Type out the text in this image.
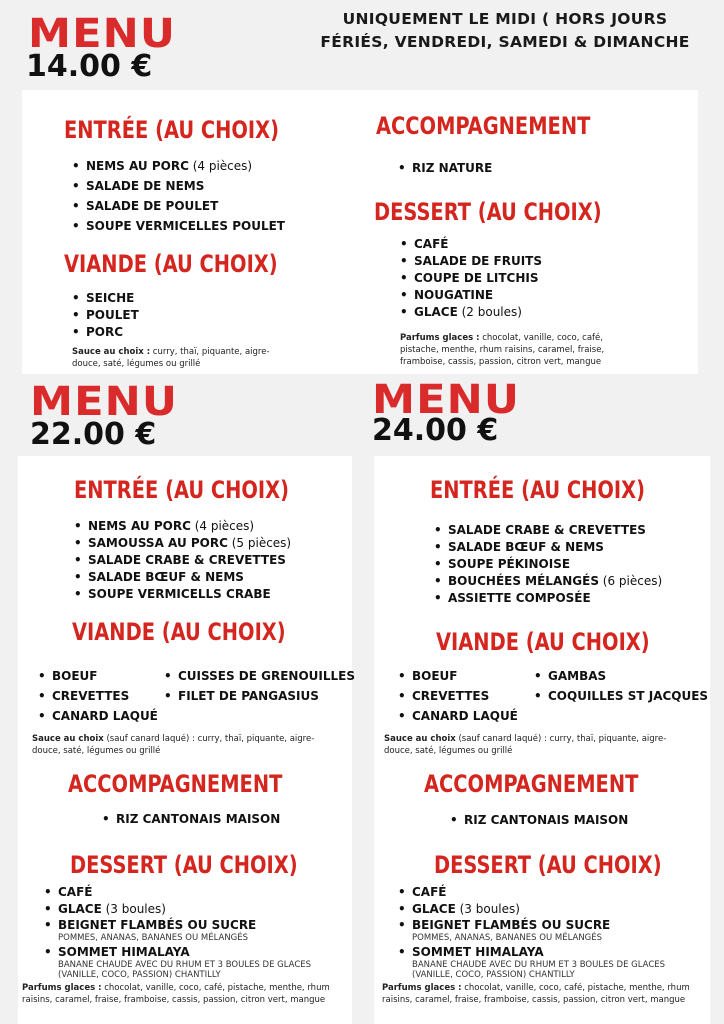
MENU
14.00 €
UNIQUEMENT LE MIDI ( HORS JOURS FÉRIÉS, VENDREDI, SAMEDI & DIMANCHE
ENTRÉE (AU CHOIX)
• NEMS AU PORC (4 pièces)
• SALADE DE NEMS
• SALADE DE POULET
• SOUPE VERMICELLES POULET
VIANDE (AU CHOIX)
• SEICHE
• POULET
• PORC
Sauce au choix : curry, thaï, piquante, aigre-douce, saté, légumes ou grillé
ACCOMPAGNEMENT
• RIZ NATURE
DESSERT (AU CHOIX)
• CAFÉ
• SALADE DE FRUITS
• COUPE DE LITCHIS
• NOUGATINE
• GLACE (2 boules)
Parfums glaces : chocolat, vanille, coco, café, pistache, menthe, rhum raisins, caramel, fraise, framboise, cassis, passion, citron vert, mangue
MENU
22.00 €
MENU
24.00 €
ENTRÉE (AU CHOIX)
• NEMS AU PORC (4 pièces)
• SAMOUSSA AU PORC (5 pièces)
• SALADE CRABE & CREVETTES
• SALADE BŒUF & NEMS
• SOUPE VERMICELLS CRABE
VIANDE (AU CHOIX)
• BOEUF
• CREVETTES
• CANARD LAQUÉ
• CUISSES DE GRENOUILLES
• FILET DE PANGASIUS
Sauce au choix (sauf canard laqué) : curry, thaï, piquante, aigre-douce, saté, légumes ou grillé
ACCOMPAGNEMENT
• RIZ CANTONAIS MAISON
DESSERT (AU CHOIX)
• CAFÉ
• GLACE (3 boules)
• BEIGNET FLAMBÉS OU SUCRE
POMMES, ANANAS, BANANES OU MÉLANGÉS
• SOMMET HIMALAYA
BANANE CHAUDE AVEC DU RHUM ET 3 BOULES DE GLACES (VANILLE, COCO, PASSION) CHANTILLY
Parfums glaces : chocolat, vanille, coco, café, pistache, menthe, rhum raisins, caramel, fraise, framboise, cassis, passion, citron vert, mangue
ENTRÉE (AU CHOIX)
• SALADE CRABE & CREVETTES
• SALADE BŒUF & NEMS
• SOUPE PÉKINOISE
• BOUCHÉES MÉLANGÉS (6 pièces)
• ASSIETTE COMPOSÉE
VIANDE (AU CHOIX)
• BOEUF
• CREVETTES
• CANARD LAQUÉ
• GAMBAS
• COQUILLES ST JACQUES
Sauce au choix (sauf canard laqué) : curry, thaï, piquante, aigre-douce, saté, légumes ou grillé
ACCOMPAGNEMENT
• RIZ CANTONAIS MAISON
DESSERT (AU CHOIX)
• CAFÉ
• GLACE (3 boules)
• BEIGNET FLAMBÉS OU SUCRE
POMMES, ANANAS, BANANES OU MÉLANGÉS
• SOMMET HIMALAYA
BANANE CHAUDE AVEC DU RHUM ET 3 BOULES DE GLACES (VANILLE, COCO, PASSION) CHANTILLY
Parfums glaces : chocolat, vanille, coco, café, pistache, menthe, rhum raisins, caramel, fraise, framboise, cassis, passion, citron vert, mangue
